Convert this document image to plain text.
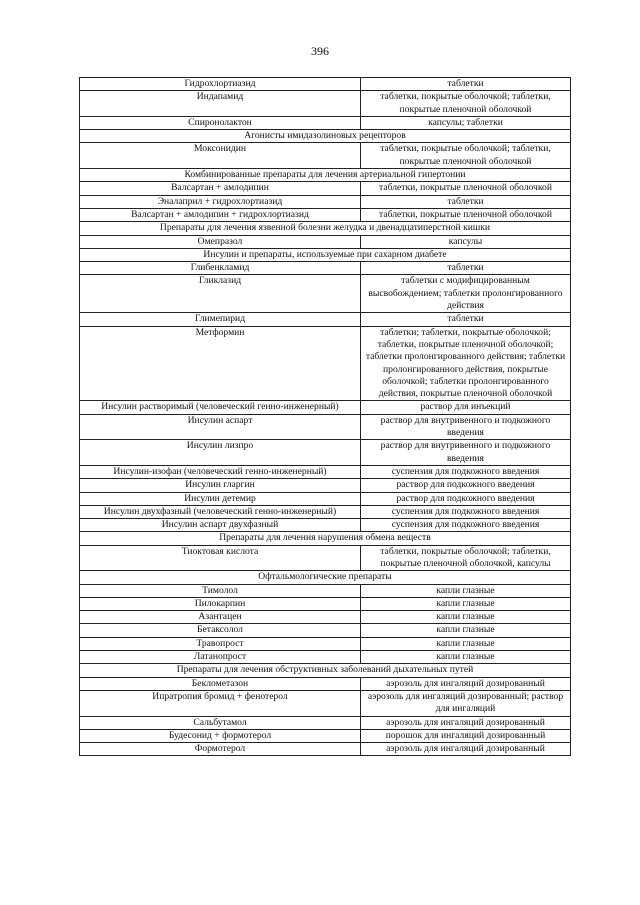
396
Гидрохлортиазид	таблетки
Индапамид	таблетки, покрытые оболочкой; таблетки, покрытые пленочной оболочкой
Спиронолактон	капсулы; таблетки
Агонисты имидазолиновых рецепторов	
Моксонидин	таблетки, покрытые оболочкой; таблетки, покрытые пленочной оболочкой
Комбинированные препараты для лечения артериальной гипертонии	
Валсартан + амлодипин	таблетки, покрытые пленочной оболочкой
Эналаприл + гидрохлортиазид	таблетки
Валсартан + амлодипин + гидрохлортиазид	таблетки, покрытые пленочной оболочкой
Препараты для лечения язвенной болезни желудка и двенадцатиперстной кишки	
Омепразол	капсулы
Инсулин и препараты, используемые при сахарном диабете	
Глибенкламид	таблетки
Гликлазид	таблетки с модифицированным высвобождением; таблетки пролонгированного действия
Глимепирид	таблетки
Метформин	таблетки; таблетки, покрытые оболочкой; таблетки, покрытые пленочной оболочкой; таблетки пролонгированного действия; таблетки пролонгированного действия, покрытые оболочкой; таблетки пролонгированного действия, покрытые пленочной оболочкой
Инсулин растворимый (человеческий генно-инженерный)	раствор для инъекций
Инсулин аспарт	раствор для внутривенного и подкожного введения
Инсулин лизпро	раствор для внутривенного и подкожного введения
Инсулин-изофан (человеческий генно-инженерный)	суспензия для подкожного введения
Инсулин гларгин	раствор для подкожного введения
Инсулин детемир	раствор для подкожного введения
Инсулин двухфазный (человеческий генно-инженерный)	суспензия для подкожного введения
Инсулин аспарт двухфазный	суспензия для подкожного введения
Препараты для лечения нарушения обмена веществ	
Тиоктовая кислота	таблетки, покрытые оболочкой; таблетки, покрытые пленочной оболочкой, капсулы
Офтальмологические препараты	
Тимолол	капли глазные
Пилокарпин	капли глазные
Азантацен	капли глазные
Бетаксолол	капли глазные
Травопрост	капли глазные
Латанопрост	капли глазные
Препараты для лечения обструктивных заболеваний дыхательных путей	
Беклометазон	аэрозоль для ингаляций дозированный
Ипратропия бромид + фенотерол	аэрозоль для ингаляций дозированный; раствор для ингаляций
Сальбутамол	аэрозоль для ингаляций дозированный
Будесонид + формотерол	порошок для ингаляций дозированный
Формотерол	аэрозоль для ингаляций дозированный
